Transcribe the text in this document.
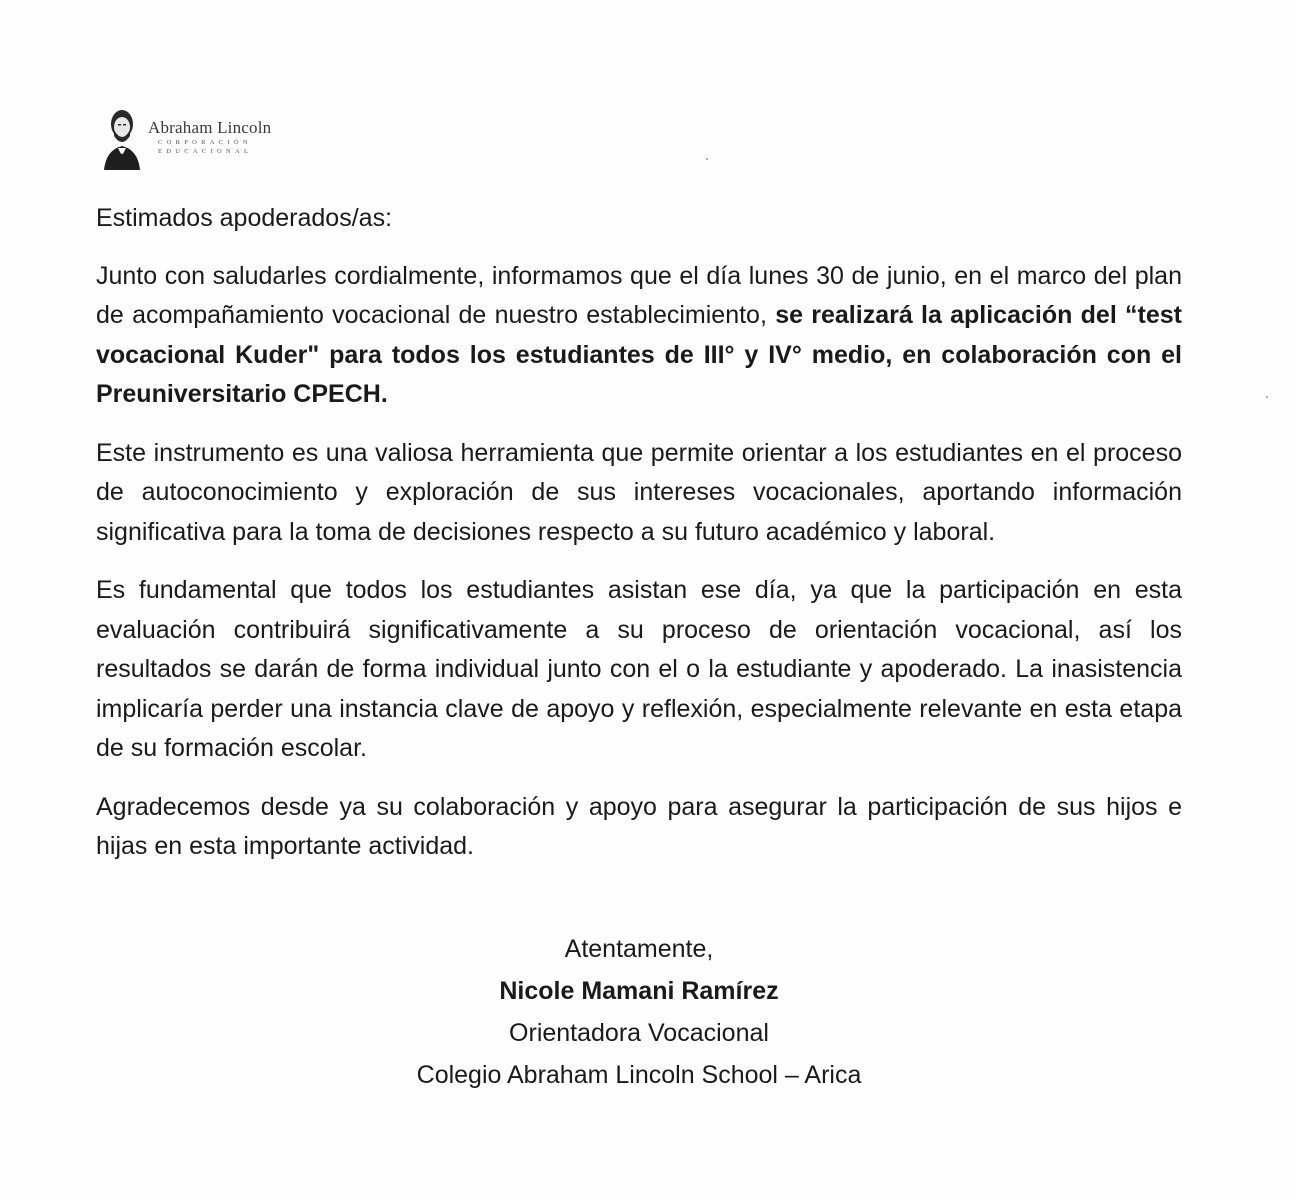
Abraham Lincoln
CORPORACIÓN
EDUCACIONAL

Estimados apoderados/as:

Junto con saludarles cordialmente, informamos que el día lunes 30 de junio, en el marco del plan de acompañamiento vocacional de nuestro establecimiento, se realizará la aplicación del “test vocacional Kuder" para todos los estudiantes de III° y IV° medio, en colaboración con el Preuniversitario CPECH.

Este instrumento es una valiosa herramienta que permite orientar a los estudiantes en el proceso de autoconocimiento y exploración de sus intereses vocacionales, aportando información significativa para la toma de decisiones respecto a su futuro académico y laboral.

Es fundamental que todos los estudiantes asistan ese día, ya que la participación en esta evaluación contribuirá significativamente a su proceso de orientación vocacional, así los resultados se darán de forma individual junto con el o la estudiante y apoderado. La inasistencia implicaría perder una instancia clave de apoyo y reflexión, especialmente relevante en esta etapa de su formación escolar.

Agradecemos desde ya su colaboración y apoyo para asegurar la participación de sus hijos e hijas en esta importante actividad.

Atentamente,
Nicole Mamani Ramírez
Orientadora Vocacional
Colegio Abraham Lincoln School – Arica
